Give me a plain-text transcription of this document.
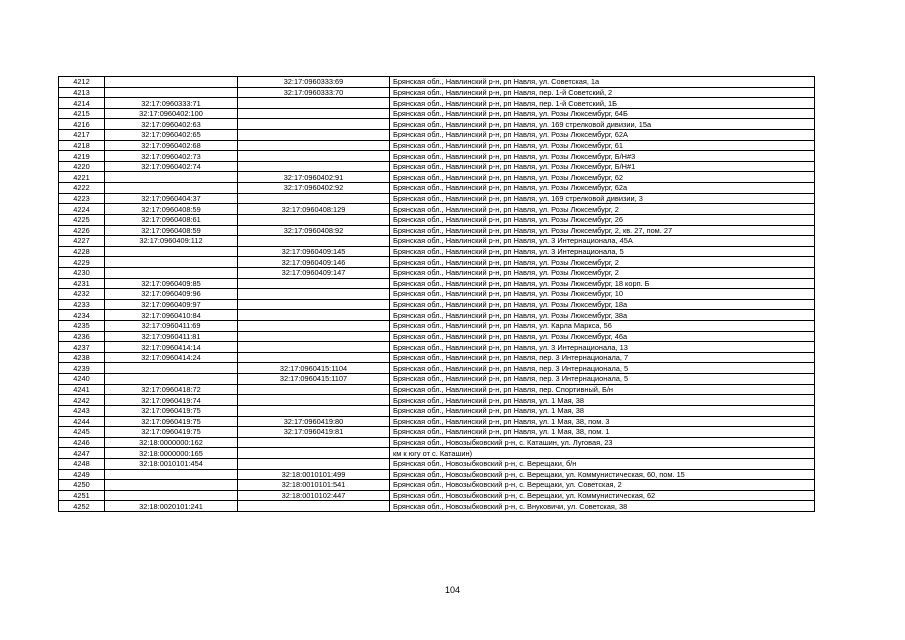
4212		32:17:0960333:69	Брянская обл., Навлинский р-н, рп Навля, ул. Советская, 1а
4213		32:17:0960333:70	Брянская обл., Навлинский р-н, рп Навля, пер. 1-й Советский, 2
4214	32:17:0960333:71		Брянская обл., Навлинский р-н, рп Навля, пер. 1-й Советский, 1Б
4215	32:17:0960402:100		Брянская обл., Навлинский р-н, рп Навля, ул. Розы Люксембург, 64Б
4216	32:17:0960402:63		Брянская обл., Навлинский р-н, рп Навля, ул. 169 стрелковой дивизии, 15а
4217	32:17:0960402:65		Брянская обл., Навлинский р-н, рп Навля, ул. Розы Люксембург, 62А
4218	32:17:0960402:68		Брянская обл., Навлинский р-н, рп Навля, ул. Розы Люксембург, 61
4219	32:17:0960402:73		Брянская обл., Навлинский р-н, рп Навля, ул. Розы Люксембург, Б/Н#3
4220	32:17:0960402:74		Брянская обл., Навлинский р-н, рп Навля, ул. Розы Люксембург, Б/Н#1
4221		32:17:0960402:91	Брянская обл., Навлинский р-н, рп Навля, ул. Розы Люксембург, 62
4222		32:17:0960402:92	Брянская обл., Навлинский р-н, рп Навля, ул. Розы Люксембург, 62а
4223	32:17:0960404:37		Брянская обл., Навлинский р-н, рп Навля, ул. 169 стрелковой дивизии, 3
4224	32:17:0960408:59	32:17:0960408:129	Брянская обл., Навлинский р-н, рп Навля, ул. Розы Люксембург, 2
4225	32:17:0960408:61		Брянская обл., Навлинский р-н, рп Навля, ул. Розы Люксембург, 26
4226	32:17:0960408:59	32:17:0960408:92	Брянская обл., Навлинский р-н, рп Навля, ул. Розы Люксембург, 2, кв. 27, пом. 27
4227	32:17:0960409:112		Брянская обл., Навлинский р-н, рп Навля, ул. 3 Интернационала, 45А
4228		32:17:0960409:145	Брянская обл., Навлинский р-н, рп Навля, ул. 3 Интернационала, 5
4229		32:17:0960409:146	Брянская обл., Навлинский р-н, рп Навля, ул. Розы Люксембург, 2
4230		32:17:0960409:147	Брянская обл., Навлинский р-н, рп Навля, ул. Розы Люксембург, 2
4231	32:17:0960409:85		Брянская обл., Навлинский р-н, рп Навля, ул. Розы Люксембург, 18 корп. Б
4232	32:17:0960409:96		Брянская обл., Навлинский р-н, рп Навля, ул. Розы Люксембург, 10
4233	32:17:0960409:97		Брянская обл., Навлинский р-н, рп Навля, ул. Розы Люксембург, 18а
4234	32:17:0960410:84		Брянская обл., Навлинский р-н, рп Навля, ул. Розы Люксембург, 38а
4235	32:17:0960411:69		Брянская обл., Навлинский р-н, рп Навля, ул. Карла Маркса, 56
4236	32:17:0960411:81		Брянская обл., Навлинский р-н, рп Навля, ул. Розы Люксембург, 46а
4237	32:17:0960414:14		Брянская обл., Навлинский р-н, рп Навля, ул. 3 Интернационала, 13
4238	32:17:0960414:24		Брянская обл., Навлинский р-н, рп Навля, пер. 3 Интернационала, 7
4239		32:17:0960415:1104	Брянская обл., Навлинский р-н, рп Навля, пер. 3 Интернационала, 5
4240		32:17:0960415:1107	Брянская обл., Навлинский р-н, рп Навля, пер. 3 Интернационала, 5
4241	32:17:0960418:72		Брянская обл., Навлинский р-н, рп Навля, пер. Спортивный, Б/н
4242	32:17:0960419:74		Брянская обл., Навлинский р-н, рп Навля, ул. 1 Мая, 38
4243	32:17:0960419:75		Брянская обл., Навлинский р-н, рп Навля, ул. 1 Мая, 38
4244	32:17:0960419:75	32:17:0960419:80	Брянская обл., Навлинский р-н, рп Навля, ул. 1 Мая, 38, пом. 3
4245	32:17:0960419:75	32:17:0960419:81	Брянская обл., Навлинский р-н, рп Навля, ул. 1 Мая, 38, пом. 1
4246	32:18:0000000:162		Брянская обл., Новозыбковский р-н, с. Каташин, ул. Луговая, 23
4247	32:18:0000000:165		км к югу от с. Каташин)
4248	32:18:0010101:454		Брянская обл., Новозыбковский р-н, с. Верещаки, б/н
4249		32:18:0010101:499	Брянская обл., Новозыбковский р-н, с. Верещаки, ул. Коммунистическая, 60, пом. 15
4250		32:18:0010101:541	Брянская обл., Новозыбковский р-н, с. Верещаки, ул. Советская, 2
4251		32:18:0010102:447	Брянская обл., Новозыбковский р-н, с. Верещаки, ул. Коммунистическая, 62
4252	32:18:0020101:241		Брянская обл., Новозыбковский р-н, с. Внуковичи, ул. Советская, 38
104
